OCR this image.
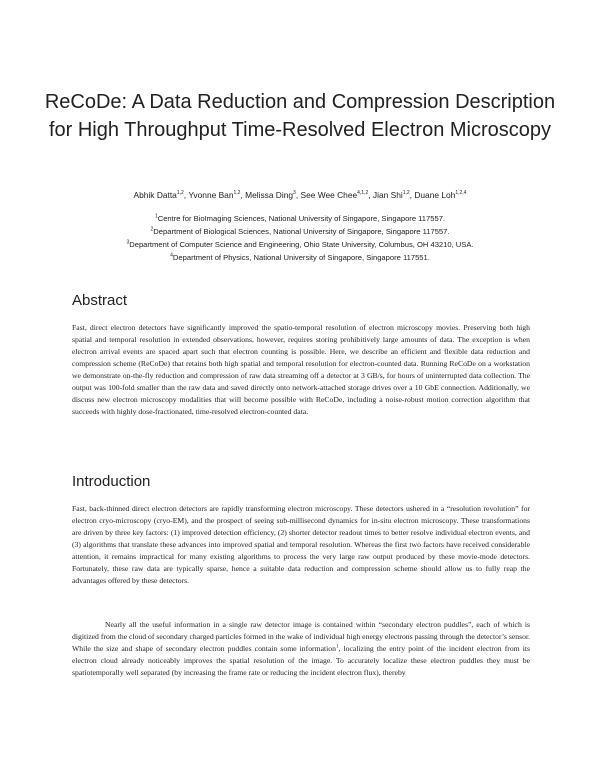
ReCoDe: A Data Reduction and Compression Description for High Throughput Time-Resolved Electron Microscopy
Abhik Datta$^{1,2}$, Yvonne Ban$^{1,2}$, Melissa Ding$^3$, See Wee Chee$^{4,1,2}$, Jian Shi$^{1,2}$, Duane Loh$^{1,2,4}$
$^1$Centre for BioImaging Sciences, National University of Singapore, Singapore 117557.
$^2$Department of Biological Sciences, National University of Singapore, Singapore 117557.
$^3$Department of Computer Science and Engineering, Ohio State University, Columbus, OH 43210, USA.
$^4$Department of Physics, National University of Singapore, Singapore 117551.
Abstract
Fast, direct electron detectors have significantly improved the spatio-temporal resolution of electron microscopy movies. Preserving both high spatial and temporal resolution in extended observations, however, requires storing prohibitively large amounts of data. The exception is when electron arrival events are spaced apart such that electron counting is possible. Here, we describe an efficient and flexible data reduction and compression scheme (ReCoDe) that retains both high spatial and temporal resolution for electron-counted data. Running ReCoDe on a workstation we demonstrate on-the-fly reduction and compression of raw data streaming off a detector at 3 GB/s, for hours of uninterrupted data collection. The output was 100-fold smaller than the raw data and saved directly onto network-attached storage drives over a 10 GbE connection. Additionally, we discuss new electron microscopy modalities that will become possible with ReCoDe, including a noise-robust motion correction algorithm that succeeds with highly dose-fractionated, time-resolved electron-counted data.
Introduction
Fast, back-thinned direct electron detectors are rapidly transforming electron microscopy. These detectors ushered in a “resolution revolution” for electron cryo-microscopy (cryo-EM), and the prospect of seeing sub-millisecond dynamics for in-situ electron microscopy. These transformations are driven by three key factors: (1) improved detection efficiency, (2) shorter detector readout times to better resolve individual electron events, and (3) algorithms that translate these advances into improved spatial and temporal resolution. Whereas the first two factors have received considerable attention, it remains impractical for many existing algorithms to process the very large raw output produced by these movie-mode detectors. Fortunately, these raw data are typically sparse, hence a suitable data reduction and compression scheme should allow us to fully reap the advantages offered by these detectors.
Nearly all the useful information in a single raw detector image is contained within “secondary electron puddles”, each of which is digitized from the cloud of secondary charged particles formed in the wake of individual high energy electrons passing through the detector’s sensor. While the size and shape of secondary electron puddles contain some information$^1$, localizing the entry point of the incident electron from its electron cloud already noticeably improves the spatial resolution of the image. To accurately localize these electron puddles they must be spatiotemporally well separated (by increasing the frame rate or reducing the incident electron flux), thereby
